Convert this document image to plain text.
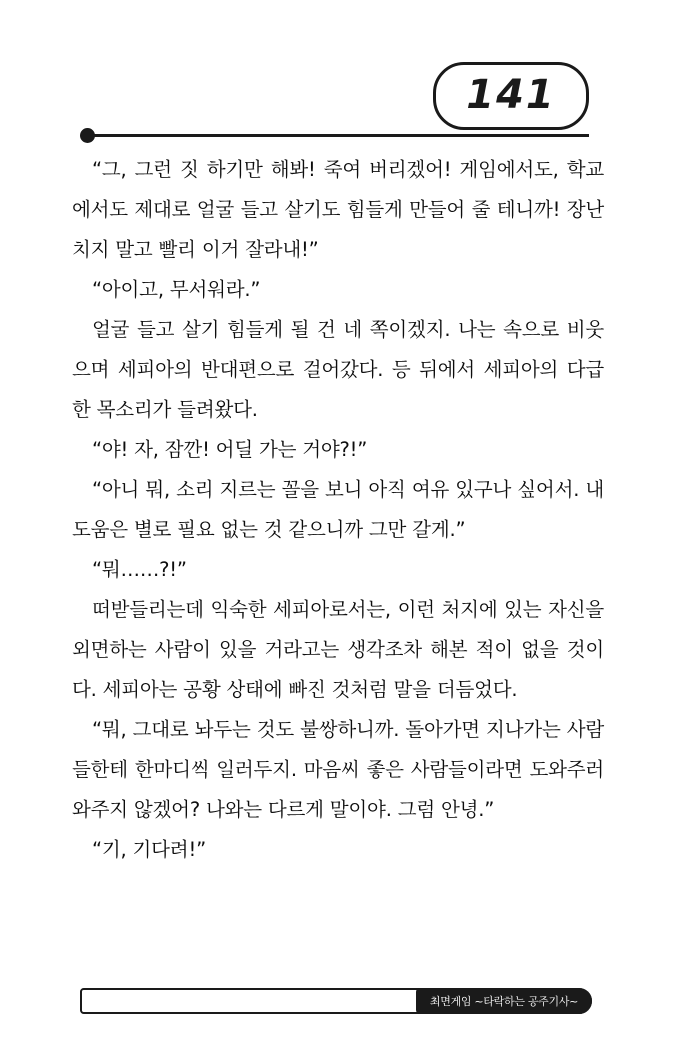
141

“그, 그런 짓 하기만 해봐! 죽여 버리겠어! 게임에서도, 학교에서도 제대로 얼굴 들고 살기도 힘들게 만들어 줄 테니까! 장난치지 말고 빨리 이거 잘라내!”

“아이고, 무서워라.”

얼굴 들고 살기 힘들게 될 건 네 쪽이겠지. 나는 속으로 비웃으며 세피아의 반대편으로 걸어갔다. 등 뒤에서 세피아의 다급한 목소리가 들려왔다.

“야! 자, 잠깐! 어딜 가는 거야?!”

“아니 뭐, 소리 지르는 꼴을 보니 아직 여유 있구나 싶어서. 내 도움은 별로 필요 없는 것 같으니까 그만 갈게.”

“뭐……?!”

떠받들리는데 익숙한 세피아로서는, 이런 처지에 있는 자신을 외면하는 사람이 있을 거라고는 생각조차 해본 적이 없을 것이다. 세피아는 공황 상태에 빠진 것처럼 말을 더듬었다.

“뭐, 그대로 놔두는 것도 불쌍하니까. 돌아가면 지나가는 사람들한테 한마디씩 일러두지. 마음씨 좋은 사람들이라면 도와주러 와주지 않겠어? 나와는 다르게 말이야. 그럼 안녕.”

“기, 기다려!”

최면게임 ~타락하는 공주기사~
